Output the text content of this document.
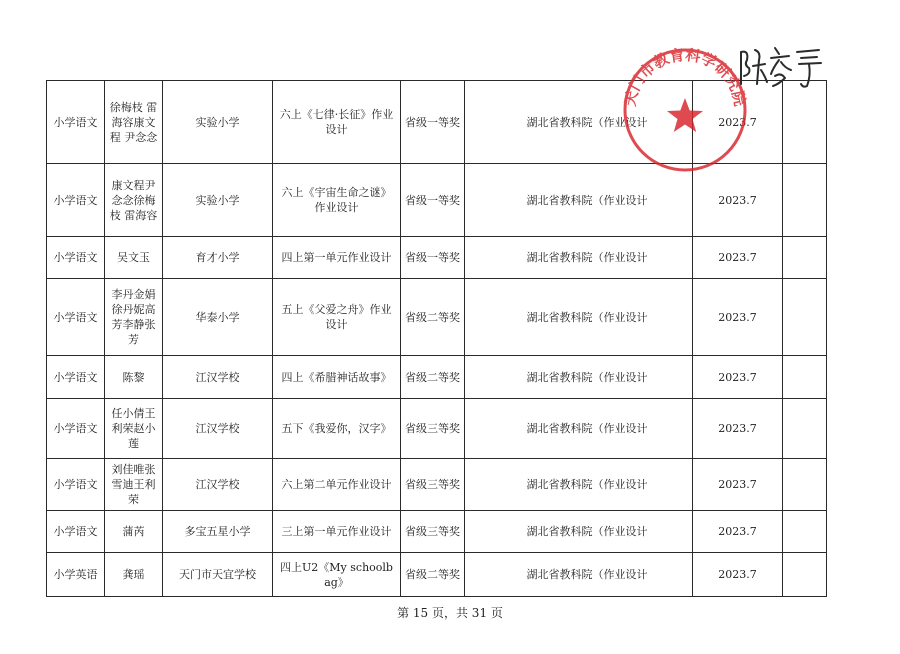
小学语文	徐梅枝 雷海容康文程 尹念念	实验小学	六上《七律·长征》作业设计	省级一等奖	湖北省教科院（作业设计	2023.7	
小学语文	康文程尹念念徐梅枝 雷海容	实验小学	六上《宇宙生命之谜》作业设计	省级一等奖	湖北省教科院（作业设计	2023.7	
小学语文	吴文玉	育才小学	四上第一单元作业设计	省级一等奖	湖北省教科院（作业设计	2023.7	
小学语文	李丹金娟徐丹妮高芳李静张芳	华泰小学	五上《父爱之舟》作业设计	省级二等奖	湖北省教科院（作业设计	2023.7	
小学语文	陈黎	江汉学校	四上《希腊神话故事》	省级二等奖	湖北省教科院（作业设计	2023.7	
小学语文	任小倩王利荣赵小莲	江汉学校	五下《我爱你，汉字》	省级三等奖	湖北省教科院（作业设计	2023.7	
小学语文	刘佳唯张雪迪王利荣	江汉学校	六上第二单元作业设计	省级三等奖	湖北省教科院（作业设计	2023.7	
小学语文	蒲芮	多宝五星小学	三上第一单元作业设计	省级三等奖	湖北省教科院（作业设计	2023.7	
小学英语	龚瑶	天门市天宜学校	四上U2《My schoolbag》	省级二等奖	湖北省教科院（作业设计	2023.7	
第 15 页，共 31 页
天门市教育科学研究院
